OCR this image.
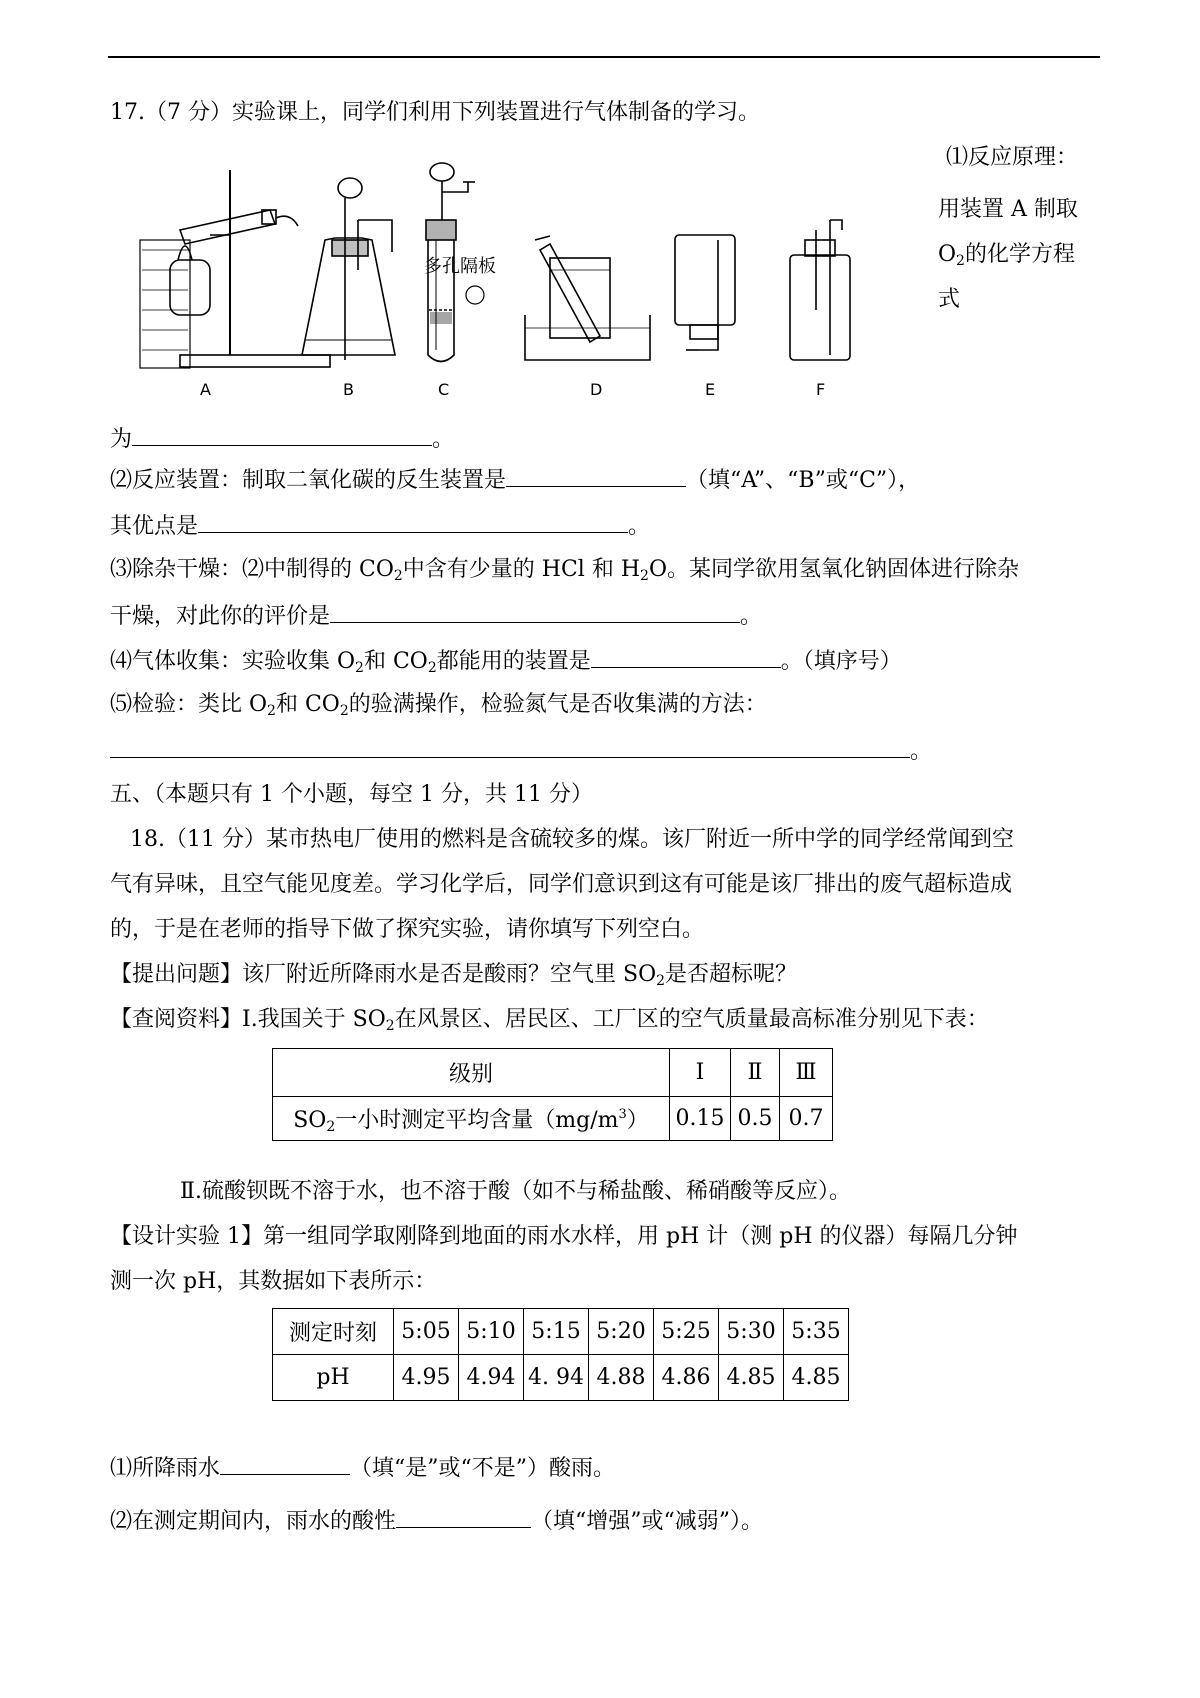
17.（7 分）实验课上，同学们利用下列装置进行气体制备的学习。
⑴反应原理：
用装置 A 制取
$O_2$的化学方程
式
多孔隔板
A	B	C	D	E	F
为	。
⑵反应装置：制取二氧化碳的反生装置是	（填“A”、“B”或“C”），
其优点是	。
⑶除杂干燥：⑵中制得的 $CO_2$中含有少量的 HCl 和 $H_2O$。某同学欲用氢氧化钠固体进行除杂
干燥，对此你的评价是	。
⑷气体收集：实验收集 $O_2$和 $CO_2$都能用的装置是	。（填序号）
⑸检验：类比 $O_2$和 $CO_2$的验满操作，检验氮气是否收集满的方法：
。
五、（本题只有 1 个小题，每空 1 分，共 11 分）
18.（11 分）某市热电厂使用的燃料是含硫较多的煤。该厂附近一所中学的同学经常闻到空
气有异味，且空气能见度差。学习化学后，同学们意识到这有可能是该厂排出的废气超标造成
的，于是在老师的指导下做了探究实验，请你填写下列空白。
【提出问题】该厂附近所降雨水是否是酸雨？空气里 $SO_2$是否超标呢？
【查阅资料】Ⅰ.我国关于 $SO_2$在风景区、居民区、工厂区的空气质量最高标准分别见下表：
级别	Ⅰ	Ⅱ	Ⅲ
$SO_2$一小时测定平均含量$(mg/m^3)$	0.15	0.5	0.7
Ⅱ.硫酸钡既不溶于水，也不溶于酸（如不与稀盐酸、稀硝酸等反应）。
【设计实验 1】第一组同学取刚降到地面的雨水水样，用 pH 计（测 pH 的仪器）每隔几分钟
测一次 pH，其数据如下表所示：
测定时刻	5:05	5:10	5:15	5:20	5:25	5:30	5:35
pH	4.95	4.94	4. 94	4.88	4.86	4.85	4.85
⑴所降雨水	（填“是”或“不是”）酸雨。
⑵在测定期间内，雨水的酸性	（填“增强”或“减弱”）。
